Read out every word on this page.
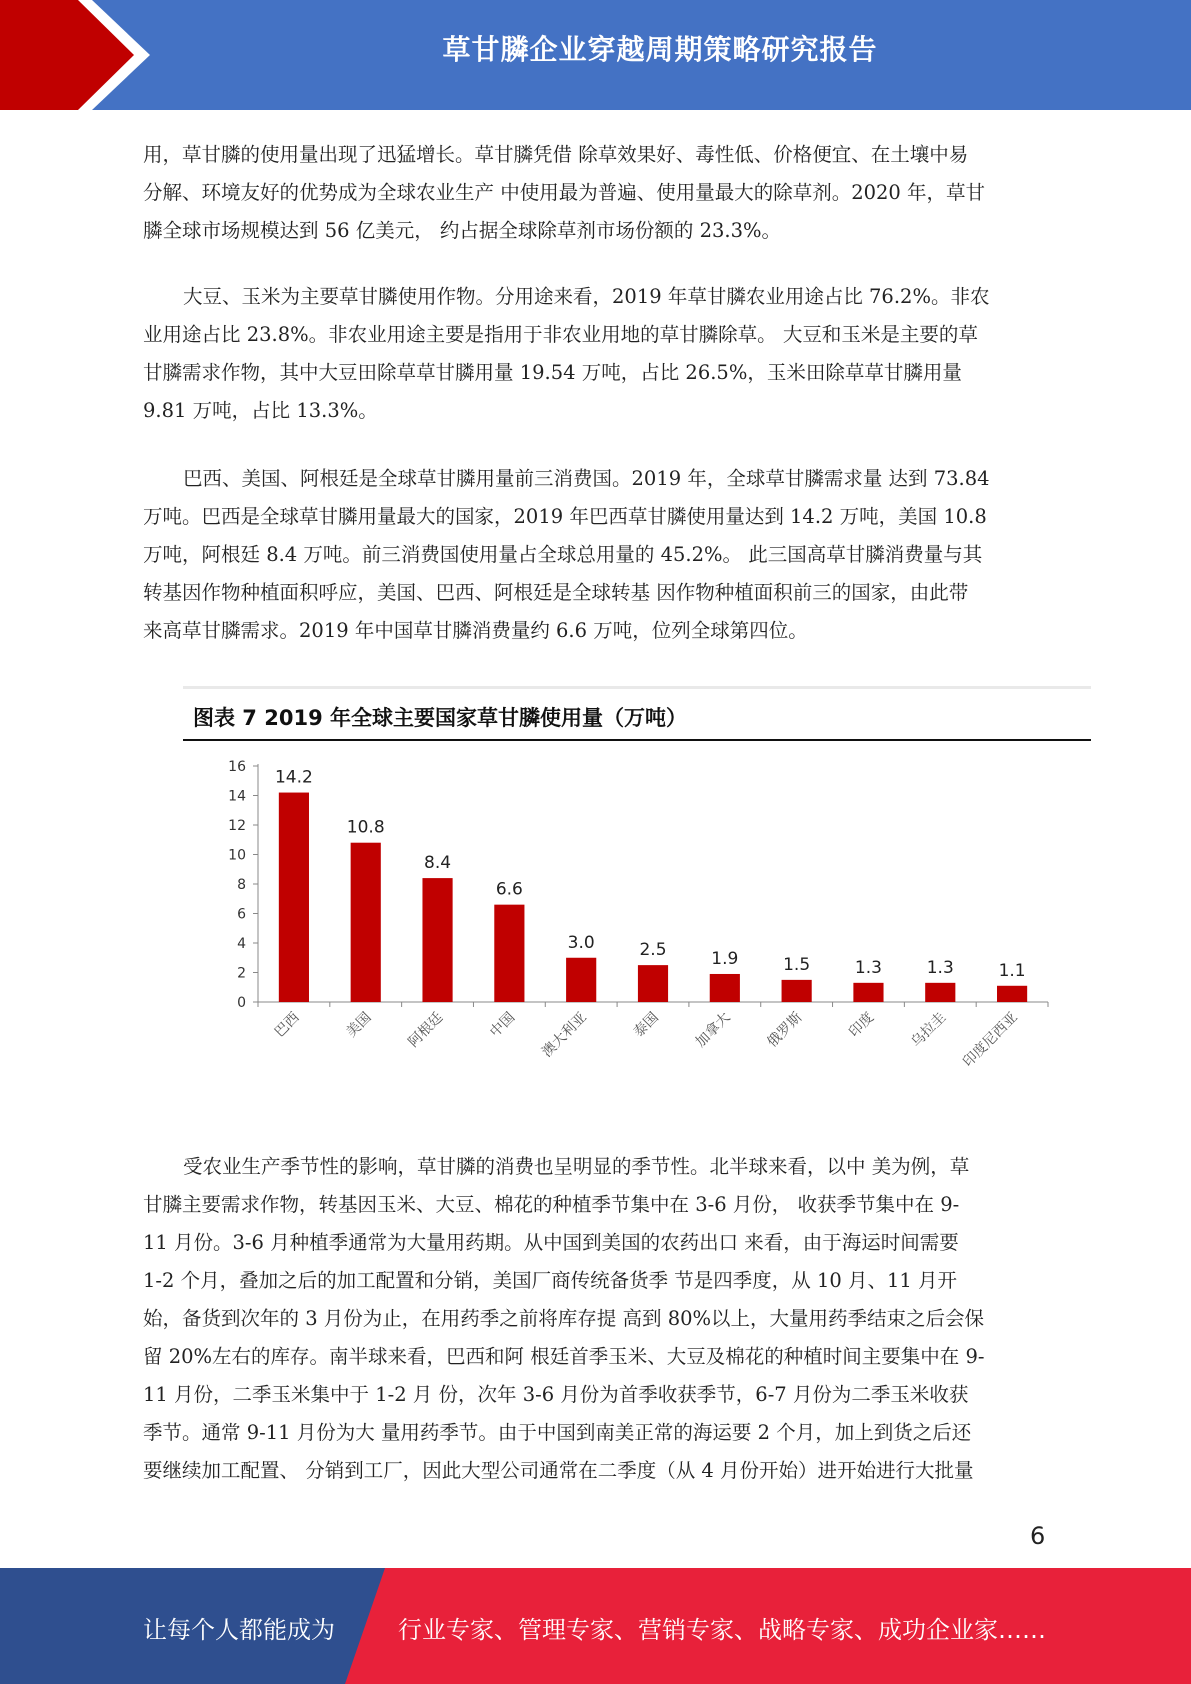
草甘膦企业穿越周期策略研究报告
用，草甘膦的使用量出现了迅猛增长。草甘膦凭借 除草效果好、毒性低、价格便宜、在土壤中易
分解、环境友好的优势成为全球农业生产 中使用最为普遍、使用量最大的除草剂。2020 年，草甘
膦全球市场规模达到 56 亿美元， 约占据全球除草剂市场份额的 23.3%。
大豆、玉米为主要草甘膦使用作物。分用途来看，2019 年草甘膦农业用途占比 76.2%。非农
业用途占比 23.8%。非农业用途主要是指用于非农业用地的草甘膦除草。 大豆和玉米是主要的草
甘膦需求作物，其中大豆田除草草甘膦用量 19.54 万吨，占比 26.5%，玉米田除草草甘膦用量
9.81 万吨，占比 13.3%。
巴西、美国、阿根廷是全球草甘膦用量前三消费国。2019 年，全球草甘膦需求量 达到 73.84
万吨。巴西是全球草甘膦用量最大的国家，2019 年巴西草甘膦使用量达到 14.2 万吨，美国 10.8
万吨，阿根廷 8.4 万吨。前三消费国使用量占全球总用量的 45.2%。 此三国高草甘膦消费量与其
转基因作物种植面积呼应，美国、巴西、阿根廷是全球转基 因作物种植面积前三的国家，由此带
来高草甘膦需求。2019 年中国草甘膦消费量约 6.6 万吨，位列全球第四位。
图表 7 2019 年全球主要国家草甘膦使用量（万吨）
0
2
4
6
8
10
12
14
16
14.2
巴西
10.8
美国
8.4
阿根廷
6.6
中国
3.0
澳大利亚
2.5
泰国
1.9
加拿大
1.5
俄罗斯
1.3
印度
1.3
乌拉圭
1.1
印度尼西亚
受农业生产季节性的影响，草甘膦的消费也呈明显的季节性。北半球来看，以中 美为例，草
甘膦主要需求作物，转基因玉米、大豆、棉花的种植季节集中在 3-6 月份， 收获季节集中在 9-
11 月份。3-6 月种植季通常为大量用药期。从中国到美国的农药出口 来看，由于海运时间需要
1-2 个月，叠加之后的加工配置和分销，美国厂商传统备货季 节是四季度，从 10 月、11 月开
始，备货到次年的 3 月份为止，在用药季之前将库存提 高到 80%以上，大量用药季结束之后会保
留 20%左右的库存。南半球来看，巴西和阿 根廷首季玉米、大豆及棉花的种植时间主要集中在 9-
11 月份，二季玉米集中于 1-2 月 份，次年 3-6 月份为首季收获季节，6-7 月份为二季玉米收获
季节。通常 9-11 月份为大 量用药季节。由于中国到南美正常的海运要 2 个月，加上到货之后还
要继续加工配置、 分销到工厂，因此大型公司通常在二季度（从 4 月份开始）进开始进行大批量
6
让每个人都能成为	行业专家、管理专家、营销专家、战略专家、成功企业家……
